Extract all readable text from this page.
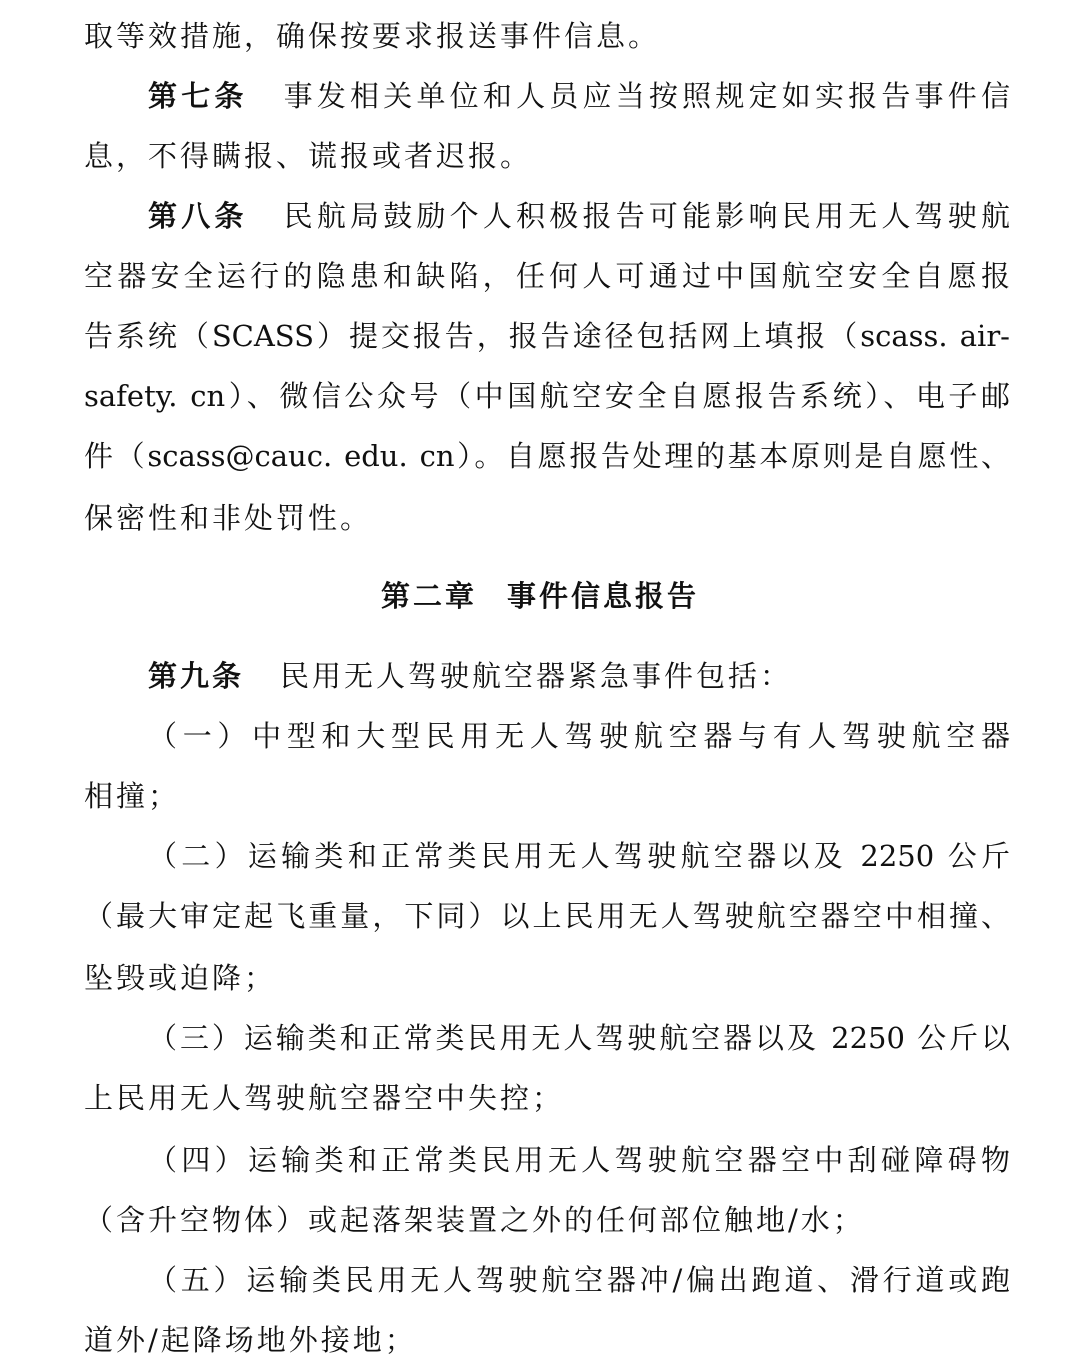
取等效措施，确保按要求报送事件信息。
第七条 事发相关单位和人员应当按照规定如实报告事件信
息，不得瞒报、谎报或者迟报。
第八条 民航局鼓励个人积极报告可能影响民用无人驾驶航
空器安全运行的隐患和缺陷，任何人可通过中国航空安全自愿报
告系统（SCASS）提交报告，报告途径包括网上填报（scass. air-
safety. cn）、微信公众号（中国航空安全自愿报告系统）、电子邮
件（scass@cauc. edu. cn）。自愿报告处理的基本原则是自愿性、
保密性和非处罚性。
第二章 事件信息报告
第九条 民用无人驾驶航空器紧急事件包括：
（一）中型和大型民用无人驾驶航空器与有人驾驶航空器
相撞；
（二）运输类和正常类民用无人驾驶航空器以及 2250 公斤
（最大审定起飞重量，下同）以上民用无人驾驶航空器空中相撞、
坠毁或迫降；
（三）运输类和正常类民用无人驾驶航空器以及 2250 公斤以
上民用无人驾驶航空器空中失控；
（四）运输类和正常类民用无人驾驶航空器空中刮碰障碍物
（含升空物体）或起落架装置之外的任何部位触地/水；
（五）运输类民用无人驾驶航空器冲/偏出跑道、滑行道或跑
道外/起降场地外接地；
